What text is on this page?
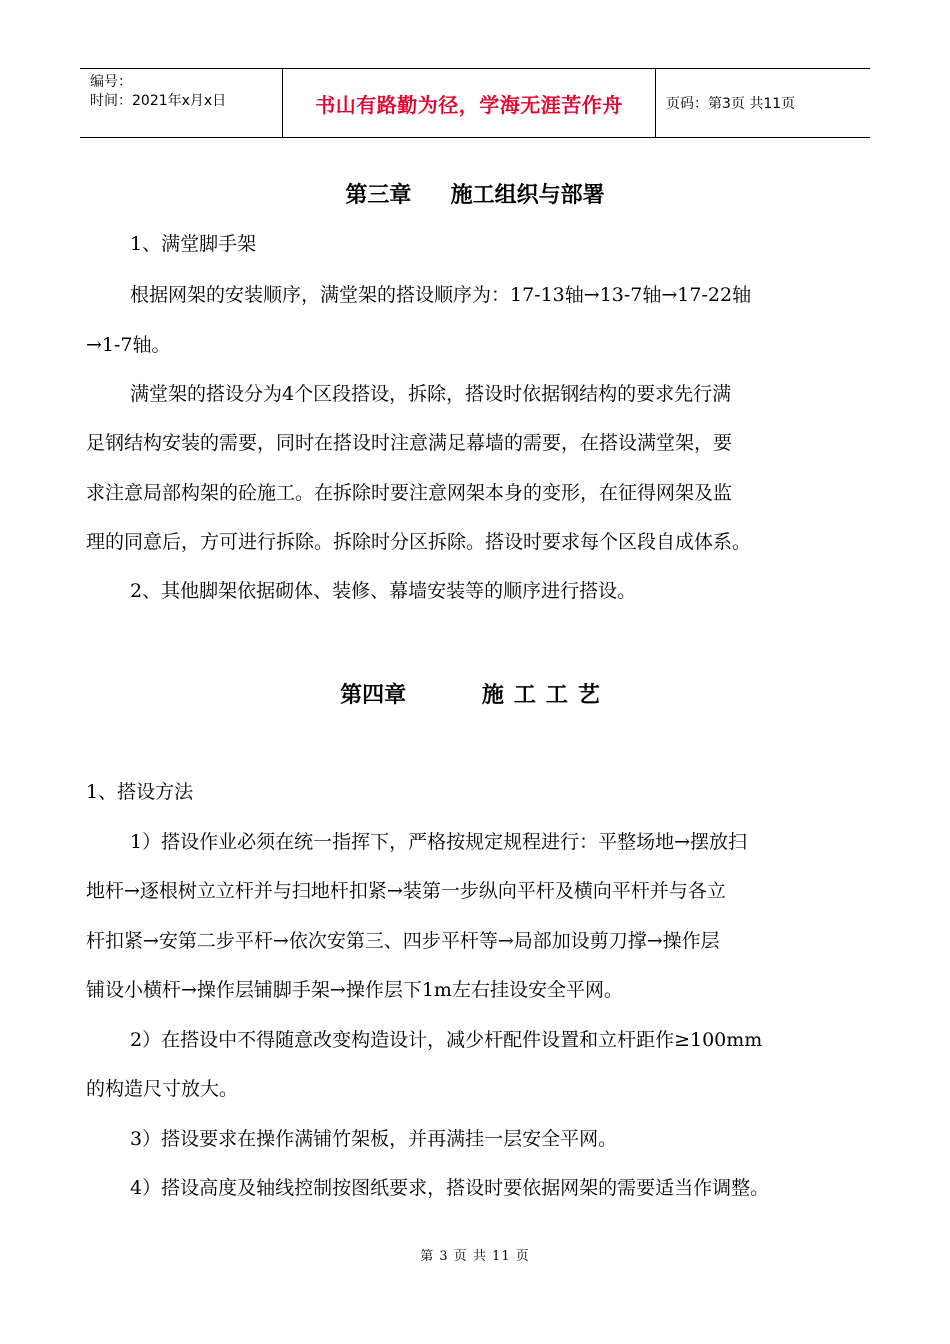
编号：
时间：2021年x月x日	书山有路勤为径，学海无涯苦作舟	页码：第3页 共11页
第三章 施工组织与部署
1、满堂脚手架
根据网架的安装顺序，满堂架的搭设顺序为：17-13轴→13-7轴→17-22轴
→1-7轴。
满堂架的搭设分为4个区段搭设，拆除，搭设时依据钢结构的要求先行满
足钢结构安装的需要，同时在搭设时注意满足幕墙的需要，在搭设满堂架，要
求注意局部构架的砼施工。在拆除时要注意网架本身的变形，在征得网架及监
理的同意后，方可进行拆除。拆除时分区拆除。搭设时要求每个区段自成体系。
2、其他脚架依据砌体、装修、幕墙安装等的顺序进行搭设。
第四章	施工工艺
1、搭设方法
1）搭设作业必须在统一指挥下，严格按规定规程进行：平整场地→摆放扫
地杆→逐根树立立杆并与扫地杆扣紧→装第一步纵向平杆及横向平杆并与各立
杆扣紧→安第二步平杆→依次安第三、四步平杆等→局部加设剪刀撑→操作层
铺设小横杆→操作层铺脚手架→操作层下1m左右挂设安全平网。
2）在搭设中不得随意改变构造设计，减少杆配件设置和立杆距作≥100mm
的构造尺寸放大。
3）搭设要求在操作满铺竹架板，并再满挂一层安全平网。
4）搭设高度及轴线控制按图纸要求，搭设时要依据网架的需要适当作调整。
第 3 页 共 11 页
